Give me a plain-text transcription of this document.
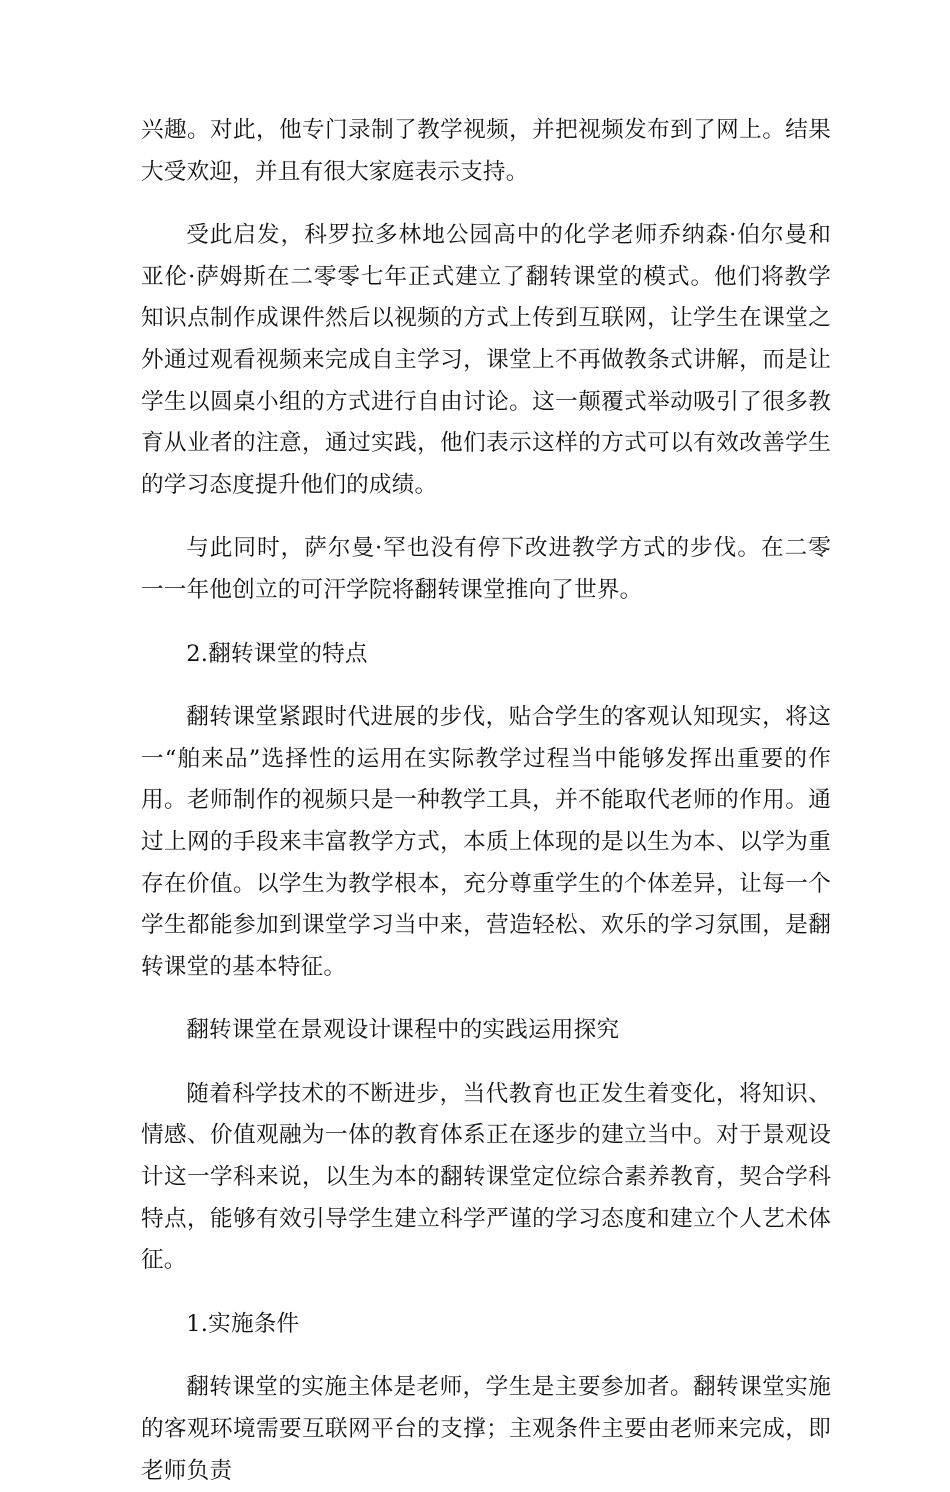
兴趣。对此，他专门录制了教学视频，并把视频发布到了网上。结果大受欢迎，并且有很大家庭表示支持。

受此启发，科罗拉多林地公园高中的化学老师乔纳森·伯尔曼和亚伦·萨姆斯在二零零七年正式建立了翻转课堂的模式。他们将教学知识点制作成课件然后以视频的方式上传到互联网，让学生在课堂之外通过观看视频来完成自主学习，课堂上不再做教条式讲解，而是让学生以圆桌小组的方式进行自由讨论。这一颠覆式举动吸引了很多教育从业者的注意，通过实践，他们表示这样的方式可以有效改善学生的学习态度提升他们的成绩。

与此同时，萨尔曼·罕也没有停下改进教学方式的步伐。在二零一一年他创立的可汗学院将翻转课堂推向了世界。

2.翻转课堂的特点

翻转课堂紧跟时代进展的步伐，贴合学生的客观认知现实，将这一“舶来品”选择性的运用在实际教学过程当中能够发挥出重要的作用。老师制作的视频只是一种教学工具，并不能取代老师的作用。通过上网的手段来丰富教学方式，本质上体现的是以生为本、以学为重存在价值。以学生为教学根本，充分尊重学生的个体差异，让每一个学生都能参加到课堂学习当中来，营造轻松、欢乐的学习氛围，是翻转课堂的基本特征。

翻转课堂在景观设计课程中的实践运用探究

随着科学技术的不断进步，当代教育也正发生着变化，将知识、情感、价值观融为一体的教育体系正在逐步的建立当中。对于景观设计这一学科来说，以生为本的翻转课堂定位综合素养教育，契合学科特点，能够有效引导学生建立科学严谨的学习态度和建立个人艺术体征。

1.实施条件

翻转课堂的实施主体是老师，学生是主要参加者。翻转课堂实施的客观环境需要互联网平台的支撑；主观条件主要由老师来完成，即老师负责
